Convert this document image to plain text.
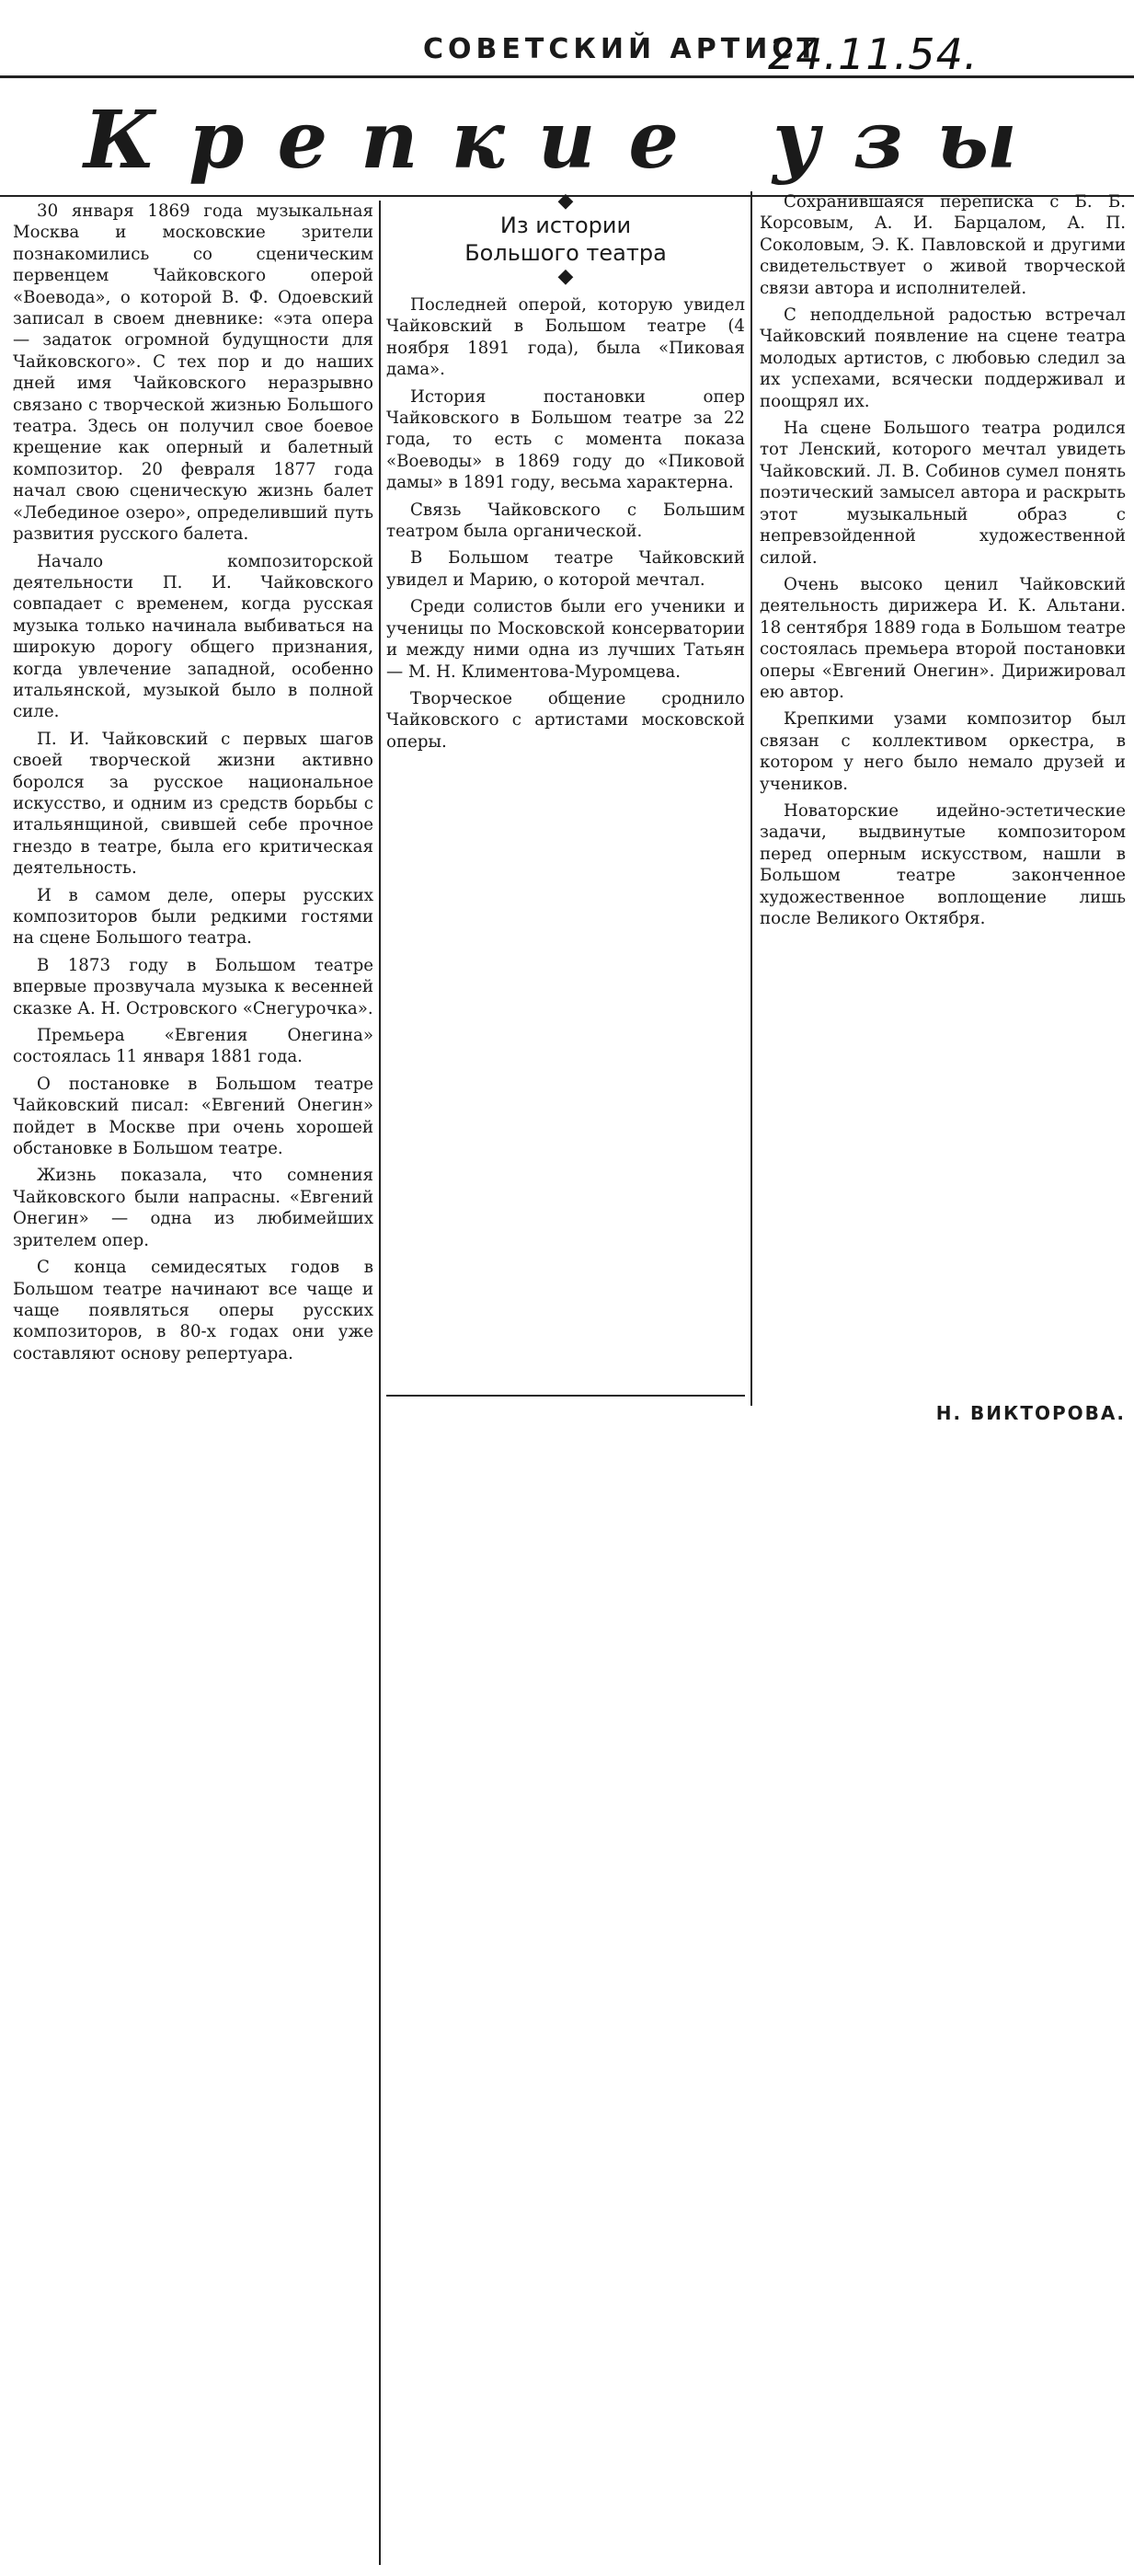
СОВЕТСКИЙ АРТИСТ
24.11.54.
Крепкие узы

30 января 1869 года музыкальная Москва и московские зрители познакомились со сценическим первенцем Чайковского оперой «Воевода», о которой В. Ф. Одоевский записал в своем дневнике: «эта опера — задаток огромной будущности для Чайковского». С тех пор и до наших дней имя Чайковского неразрывно связано с творческой жизнью Большого театра. Здесь он получил свое боевое крещение как оперный и балетный композитор. 20 февраля 1877 года начал свою сценическую жизнь балет «Лебединое озеро», определивший путь развития русского балета.

Начало композиторской деятельности П. И. Чайковского совпадает с временем, когда русская музыка только начинала выбиваться на широкую дорогу общего признания, когда увлечение западной, особенно итальянской, музыкой было в полной силе.

П. И. Чайковский с первых шагов своей творческой жизни активно боролся за русское национальное искусство, и одним из средств борьбы с итальянщиной, свившей себе прочное гнездо в театре, была его критическая деятельность.

И в самом деле, оперы русских композиторов были редкими гостями на сцене Большого театра.

В 1873 году в Большом театре впервые прозвучала музыка к весенней сказке А. Н. Островского «Снегурочка».

Премьера «Евгения Онегина» состоялась 11 января 1881 года.

О постановке в Большом театре Чайковский писал: «Евгений Онегин» пойдет в Москве при очень хорошей обстановке в Большом театре.

Жизнь показала, что сомнения Чайковского были напрасны. «Евгений Онегин» — одна из любимейших зрителем опер.

С конца семидесятых годов в Большом театре начинают все чаще и чаще появляться оперы русских композиторов, в 80-х годах они уже составляют основу репертуара.

◆
Из истории
Большого театра
◆

Последней оперой, которую увидел Чайковский в Большом театре (4 ноября 1891 года), была «Пиковая дама».

История постановки опер Чайковского в Большом театре за 22 года, то есть с момента показа «Воеводы» в 1869 году до «Пиковой дамы» в 1891 году, весьма характерна.

Связь Чайковского с Большим театром была органической.

В Большом театре Чайковский увидел и Марию, о которой мечтал.

Среди солистов были его ученики и ученицы по Московской консерватории и между ними одна из лучших Татьян — М. Н. Климентова-Муромцева.

Творческое общение сроднило Чайковского с артистами московской оперы.

Сохранившаяся переписка с Б. Б. Корсовым, А. И. Барцалом, А. П. Соколовым, Э. К. Павловской и другими свидетельствует о живой творческой связи автора и исполнителей.

С неподдельной радостью встречал Чайковский появление на сцене театра молодых артистов, с любовью следил за их успехами, всячески поддерживал и поощрял их.

На сцене Большого театра родился тот Ленский, которого мечтал увидеть Чайковский. Л. В. Собинов сумел понять поэтический замысел автора и раскрыть этот музыкальный образ с непревзойденной художественной силой.

Очень высоко ценил Чайковский деятельность дирижера И. К. Альтани. 18 сентября 1889 года в Большом театре состоялась премьера второй постановки оперы «Евгений Онегин». Дирижировал ею автор.

Крепкими узами композитор был связан с коллективом оркестра, в котором у него было немало друзей и учеников.

Новаторские идейно-эстетические задачи, выдвинутые композитором перед оперным искусством, нашли в Большом театре законченное художественное воплощение лишь после Великого Октября.

Н. ВИКТОРОВА.
